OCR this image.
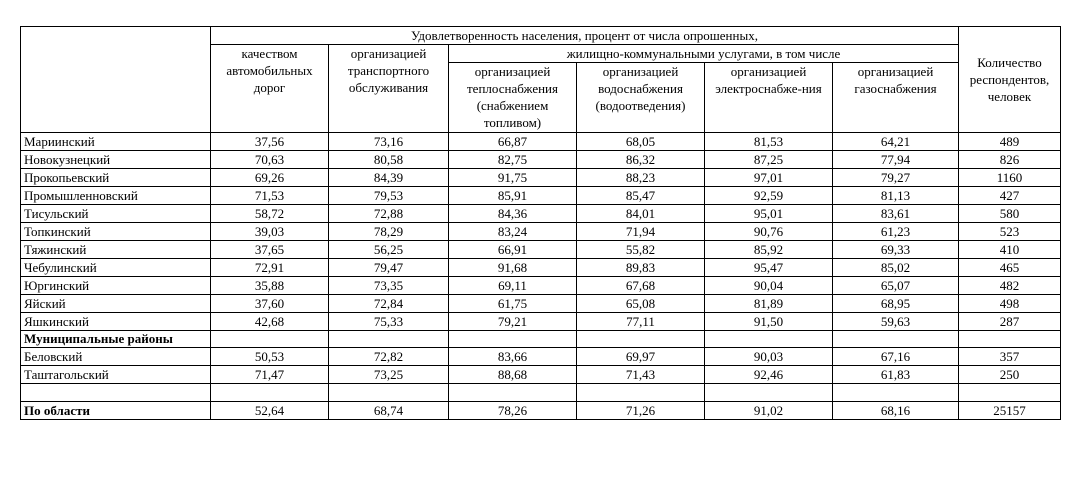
	Удовлетворенность населения, процент от числа опрошенных,						Количество респондентов, человек
	качеством автомобильных дорог	организацией транспортного обслуживания	жилищно-коммунальными услугами, в том числе				
			организацией теплоснабжения (снабжением топливом)	организацией водоснабжения (водоотведения)	организацией электроснабже-ния	организацией газоснабжения	
Мариинский	37,56	73,16	66,87	68,05	81,53	64,21	489
Новокузнецкий	70,63	80,58	82,75	86,32	87,25	77,94	826
Прокопьевский	69,26	84,39	91,75	88,23	97,01	79,27	1160
Промышленновский	71,53	79,53	85,91	85,47	92,59	81,13	427
Тисульский	58,72	72,88	84,36	84,01	95,01	83,61	580
Топкинский	39,03	78,29	83,24	71,94	90,76	61,23	523
Тяжинский	37,65	56,25	66,91	55,82	85,92	69,33	410
Чебулинский	72,91	79,47	91,68	89,83	95,47	85,02	465
Юргинский	35,88	73,35	69,11	67,68	90,04	65,07	482
Яйский	37,60	72,84	61,75	65,08	81,89	68,95	498
Яшкинский	42,68	75,33	79,21	77,11	91,50	59,63	287
Муниципальные районы							
Беловский	50,53	72,82	83,66	69,97	90,03	67,16	357
Таштагольский	71,47	73,25	88,68	71,43	92,46	61,83	250

По области	52,64	68,74	78,26	71,26	91,02	68,16	25157
